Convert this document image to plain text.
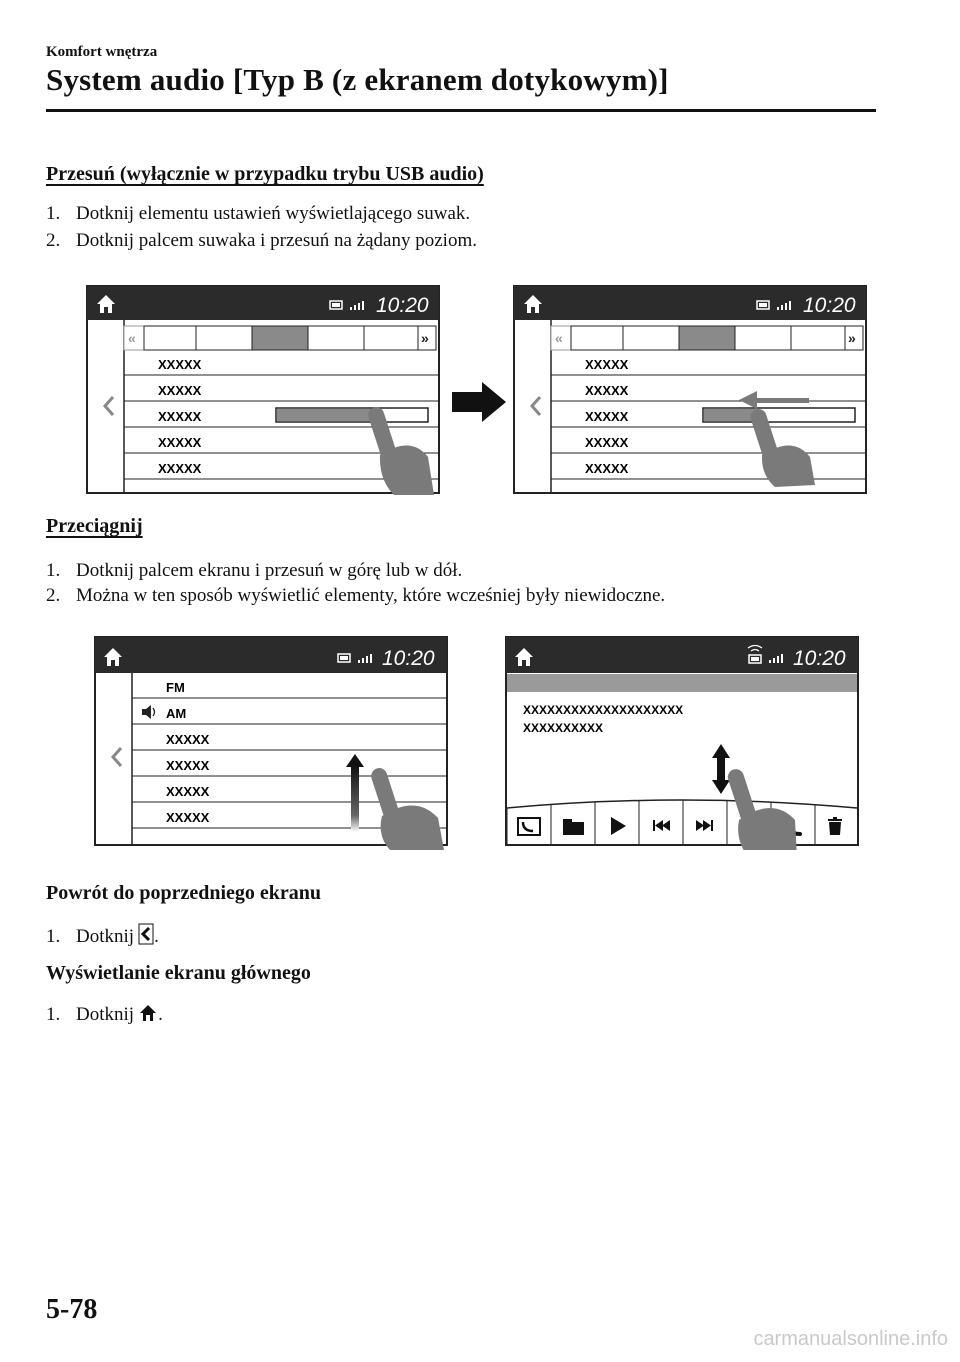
Komfort wnętrza
System audio [Typ B (z ekranem dotykowym)]
Przesuń (wyłącznie w przypadku trybu USB audio)
1. Dotknij elementu ustawień wyświetlającego suwak.
2. Dotknij palcem suwaka i przesuń na żądany poziom.
10:20
«	»
XXXXX
XXXXX
XXXXX
XXXXX
XXXXX
10:20
«	»
XXXXX
XXXXX
XXXXX
XXXXX
XXXXX
Przeciągnij
1. Dotknij palcem ekranu i przesuń w górę lub w dół.
2. Można w ten sposób wyświetlić elementy, które wcześniej były niewidoczne.
10:20
FM
AM
XXXXX
XXXXX
XXXXX
XXXXX
10:20
XXXXXXXXXXXXXXXXXXXX
XXXXXXXXXX
Powrót do poprzedniego ekranu
1. Dotknij .
Wyświetlanie ekranu głównego
1. Dotknij .
5-78
carmanualsonline.info
